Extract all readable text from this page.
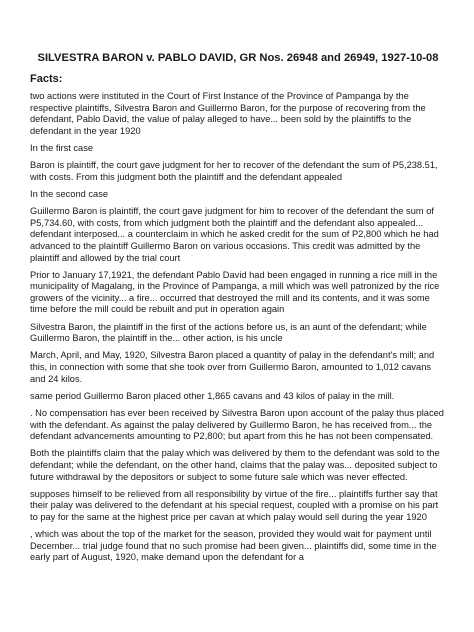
SILVESTRA BARON v. PABLO DAVID, GR Nos. 26948 and 26949, 1927-10-08
Facts:

two actions were instituted in the Court of First Instance of the Province of Pampanga by the respective plaintiffs, Silvestra Baron and Guillermo Baron, for the purpose of recovering from the defendant, Pablo David, the value of palay alleged to have... been sold by the plaintiffs to the defendant in the year 1920

In the first case

Baron is plaintiff, the court gave judgment for her to recover of the defendant the sum of P5,238.51, with costs. From this judgment both the plaintiff and the defendant appealed

In the second case

Guillermo Baron is plaintiff, the court gave judgment for him to recover of the defendant the sum of P5,734.60, with costs, from which judgment both the plaintiff and the defendant also appealed... defendant interposed... a counterclaim in which he asked credit for the sum of P2,800 which he had advanced to the plaintiff Guillermo Baron on various occasions. This credit was admitted by the plaintiff and allowed by the trial court

Prior to January 17,1921, the defendant Pablo David had been engaged in running a rice mill in the municipality of Magalang, in the Province of Pampanga, a mill which was well patronized by the rice growers of the vicinity... a fire... occurred that destroyed the mill and its contents, and it was some time before the mill could be rebuilt and put in operation again

Silvestra Baron, the plaintiff in the first of the actions before us, is an aunt of the defendant; while Guillermo Baron, the plaintiff in the... other action, is his uncle

March, April, and May, 1920, Silvestra Baron placed a quantity of palay in the defendant's mill; and this, in connection with some that she took over from Guillermo Baron, amounted to 1,012 cavans and 24 kilos.

same period Guillermo Baron placed other 1,865 cavans and 43 kilos of palay in the mill.

. No compensation has ever been received by Silvestra Baron upon account of the palay thus placed with the defendant. As against the palay delivered by Guillermo Baron, he has received from... the defendant advancements amounting to P2,800; but apart from this he has not been compensated.

Both the plaintiffs claim that the palay which was delivered by them to the defendant was sold to the defendant; while the defendant, on the other hand, claims that the palay was... deposited subject to future withdrawal by the depositors or subject to some future sale which was never effected.

supposes himself to be relieved from all responsibility by virtue of the fire... plaintiffs further say that their palay was delivered to the defendant at his special request, coupled with a promise on his part to pay for the same at the highest price per cavan at which palay would sell during the year 1920

, which was about the top of the market for the season, provided they would wait for payment until December... trial judge found that no such promise had been given... plaintiffs did, some time in the early part of August, 1920, make demand upon the defendant for a
